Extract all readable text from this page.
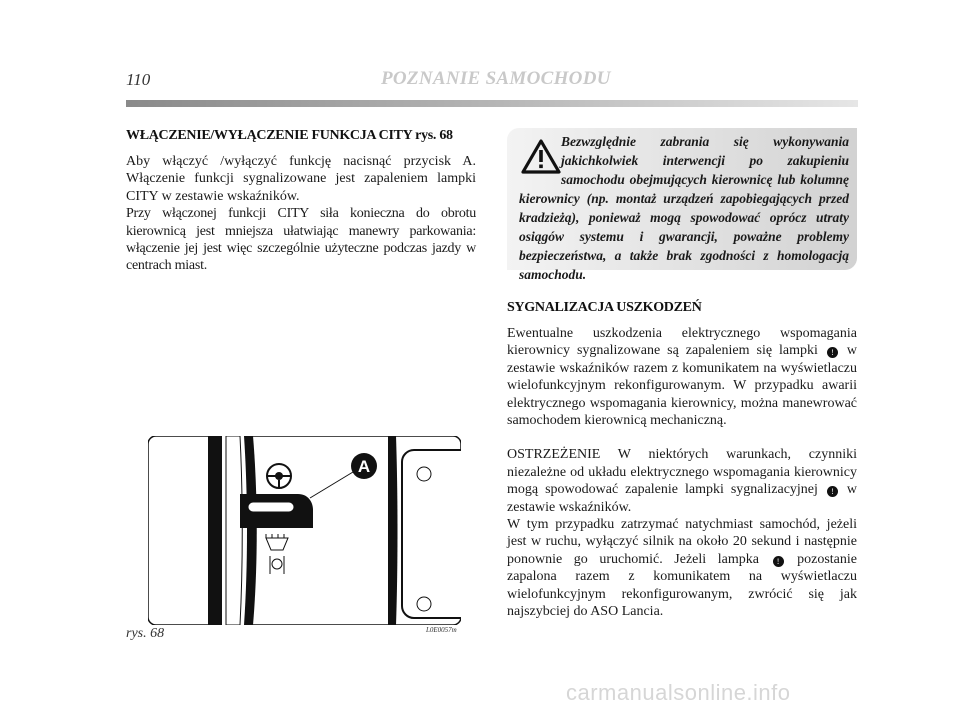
110	POZNANIE SAMOCHODU

WŁĄCZENIE/WYŁĄCZENIE FUNKCJA CITY rys. 68

Aby włączyć /wyłączyć funkcję nacisnąć przycisk A. Włączenie funkcji sygnalizowane jest zapaleniem lampki CITY w zestawie wskaźników.

Przy włączonej funkcji CITY siła konieczna do obrotu kierownicą jest mniejsza ułatwiając manewry parkowania: włączenie jej jest więc szczególnie użyteczne podczas jazdy w centrach miast.

Bezwzględnie zabrania się wykonywania jakichkolwiek interwencji po zakupieniu samochodu obejmujących kierownicę lub kolumnę kierownicy (np. montaż urządzeń zapobiegających przed kradzieżą), ponieważ mogą spowodować oprócz utraty osiągów systemu i gwarancji, poważne problemy bezpieczeństwa, a także brak zgodności z homologacją samochodu.

SYGNALIZACJA USZKODZEŃ

Ewentualne uszkodzenia elektrycznego wspomagania kierownicy sygnalizowane są zapaleniem się lampki ! w zestawie wskaźników razem z komunikatem na wyświetlaczu wielofunkcyjnym rekonfigurowanym. W przypadku awarii elektrycznego wspomagania kierownicy, można manewrować samochodem kierownicą mechaniczną.

OSTRZEŻENIE W niektórych warunkach, czynniki niezależne od układu elektrycznego wspomagania kierownicy mogą spowodować zapalenie lampki sygnalizacyjnej ! w zestawie wskaźników.

W tym przypadku zatrzymać natychmiast samochód, jeżeli jest w ruchu, wyłączyć silnik na około 20 sekund i następnie ponownie go uruchomić. Jeżeli lampka ! pozostanie zapalona razem z komunikatem na wyświetlaczu wielofunkcyjnym rekonfigurowanym, zwrócić się jak najszybciej do ASO Lancia.

A
rys. 68	L0E0057m
carmanualsonline.info
